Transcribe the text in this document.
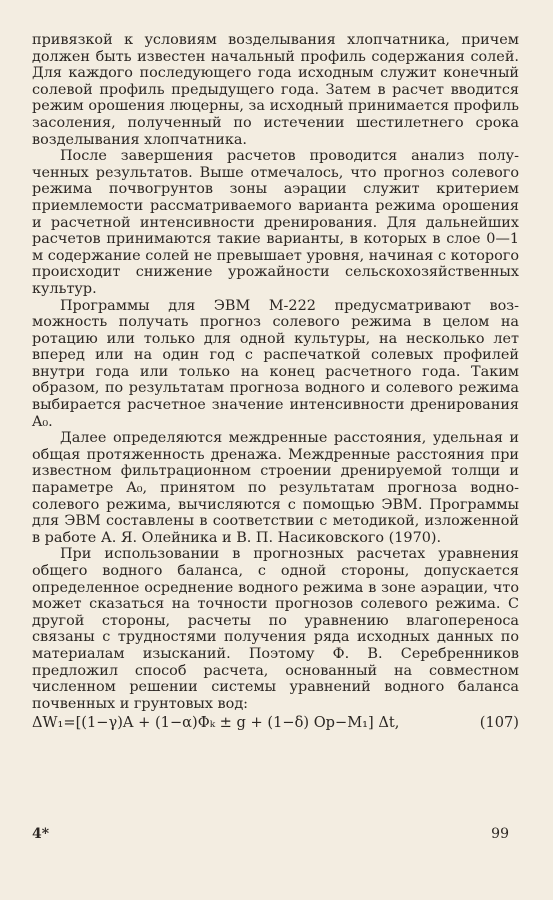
привязкой к условиям возделывания хлопчатника, причем должен быть известен начальный профиль содержания солей. Для каждого последующего года исходным служит конечный солевой профиль предыдущего года. Затем в расчет вводится режим орошения люцерны, за исходный принимается профиль засоления, полученный по истечении шестилетнего срока возделывания хлопчатника.

После завершения расчетов проводится анализ полученных результатов. Выше отмечалось, что прогноз солевого режима почвогрунтов зоны аэрации служит критерием приемлемости рассматриваемого варианта режима орошения и расчетной интенсивности дренирования. Для дальнейших расчетов принимаются такие варианты, в которых в слое 0—1 м содержание солей не превышает уровня, начиная с которого происходит снижение урожайности сельскохозяйственных культур.

Программы для ЭВМ М-222 предусматривают возможность получать прогноз солевого режима в целом на ротацию или только для одной культуры, на несколько лет вперед или на один год с распечаткой солевых профилей внутри года или только на конец расчетного года. Таким образом, по результатам прогноза водного и солевого режима выбирается расчетное значение интенсивности дренирования A₀.

Далее определяются междренные расстояния, удельная и общая протяженность дренажа. Междренные расстояния при известном фильтрационном строении дренируемой толщи и параметре A₀, принятом по результатам прогноза водно-солевого режима, вычисляются с помощью ЭВМ. Программы для ЭВМ составлены в соответствии с методикой, изложенной в работе А. Я. Олейника и В. П. Насиковского (1970).

При использовании в прогнозных расчетах уравнения общего водного баланса, с одной стороны, допускается определенное осреднение водного режима в зоне аэрации, что может сказаться на точности прогнозов солевого режима. С другой стороны, расчеты по уравнению влагопереноса связаны с трудностями получения ряда исходных данных по материалам изысканий. Поэтому Ф. В. Серебренников предложил способ расчета, основанный на совместном численном решении системы уравнений водного баланса почвенных и грунтовых вод:

ΔW₁=[(1−γ)A + (1−α)Φₖ ± g + (1−δ) Op−M₁] Δt,	(107)
4*	99
